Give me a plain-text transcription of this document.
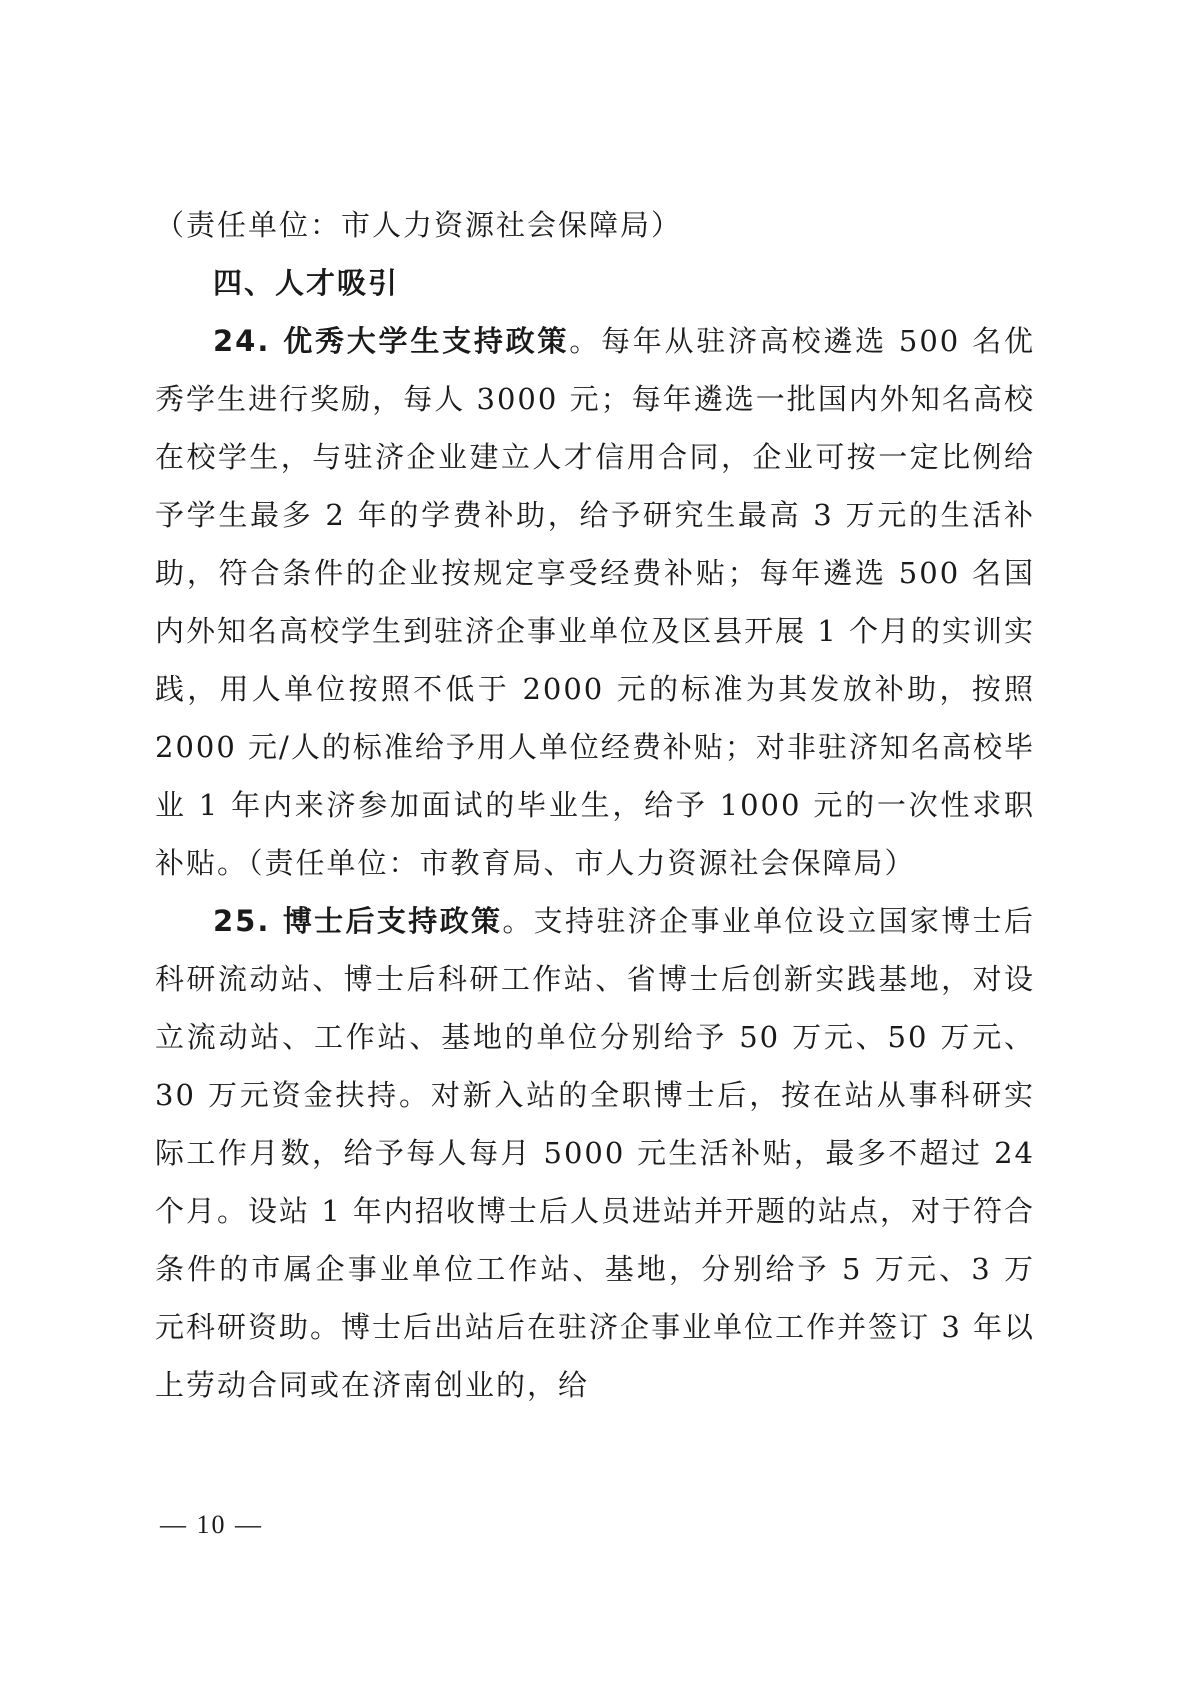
（责任单位：市人力资源社会保障局）

四、人才吸引

24. 优秀大学生支持政策。每年从驻济高校遴选 500 名优秀学生进行奖励，每人 3000 元；每年遴选一批国内外知名高校在校学生，与驻济企业建立人才信用合同，企业可按一定比例给予学生最多 2 年的学费补助，给予研究生最高 3 万元的生活补助，符合条件的企业按规定享受经费补贴；每年遴选 500 名国内外知名高校学生到驻济企事业单位及区县开展 1 个月的实训实践，用人单位按照不低于 2000 元的标准为其发放补助，按照 2000 元/人的标准给予用人单位经费补贴；对非驻济知名高校毕业 1 年内来济参加面试的毕业生，给予 1000 元的一次性求职补贴。（责任单位：市教育局、市人力资源社会保障局）

25. 博士后支持政策。支持驻济企事业单位设立国家博士后科研流动站、博士后科研工作站、省博士后创新实践基地，对设立流动站、工作站、基地的单位分别给予 50 万元、50 万元、30 万元资金扶持。对新入站的全职博士后，按在站从事科研实际工作月数，给予每人每月 5000 元生活补贴，最多不超过 24 个月。设站 1 年内招收博士后人员进站并开题的站点，对于符合条件的市属企事业单位工作站、基地，分别给予 5 万元、3 万元科研资助。博士后出站后在驻济企事业单位工作并签订 3 年以上劳动合同或在济南创业的，给

— 10 —
